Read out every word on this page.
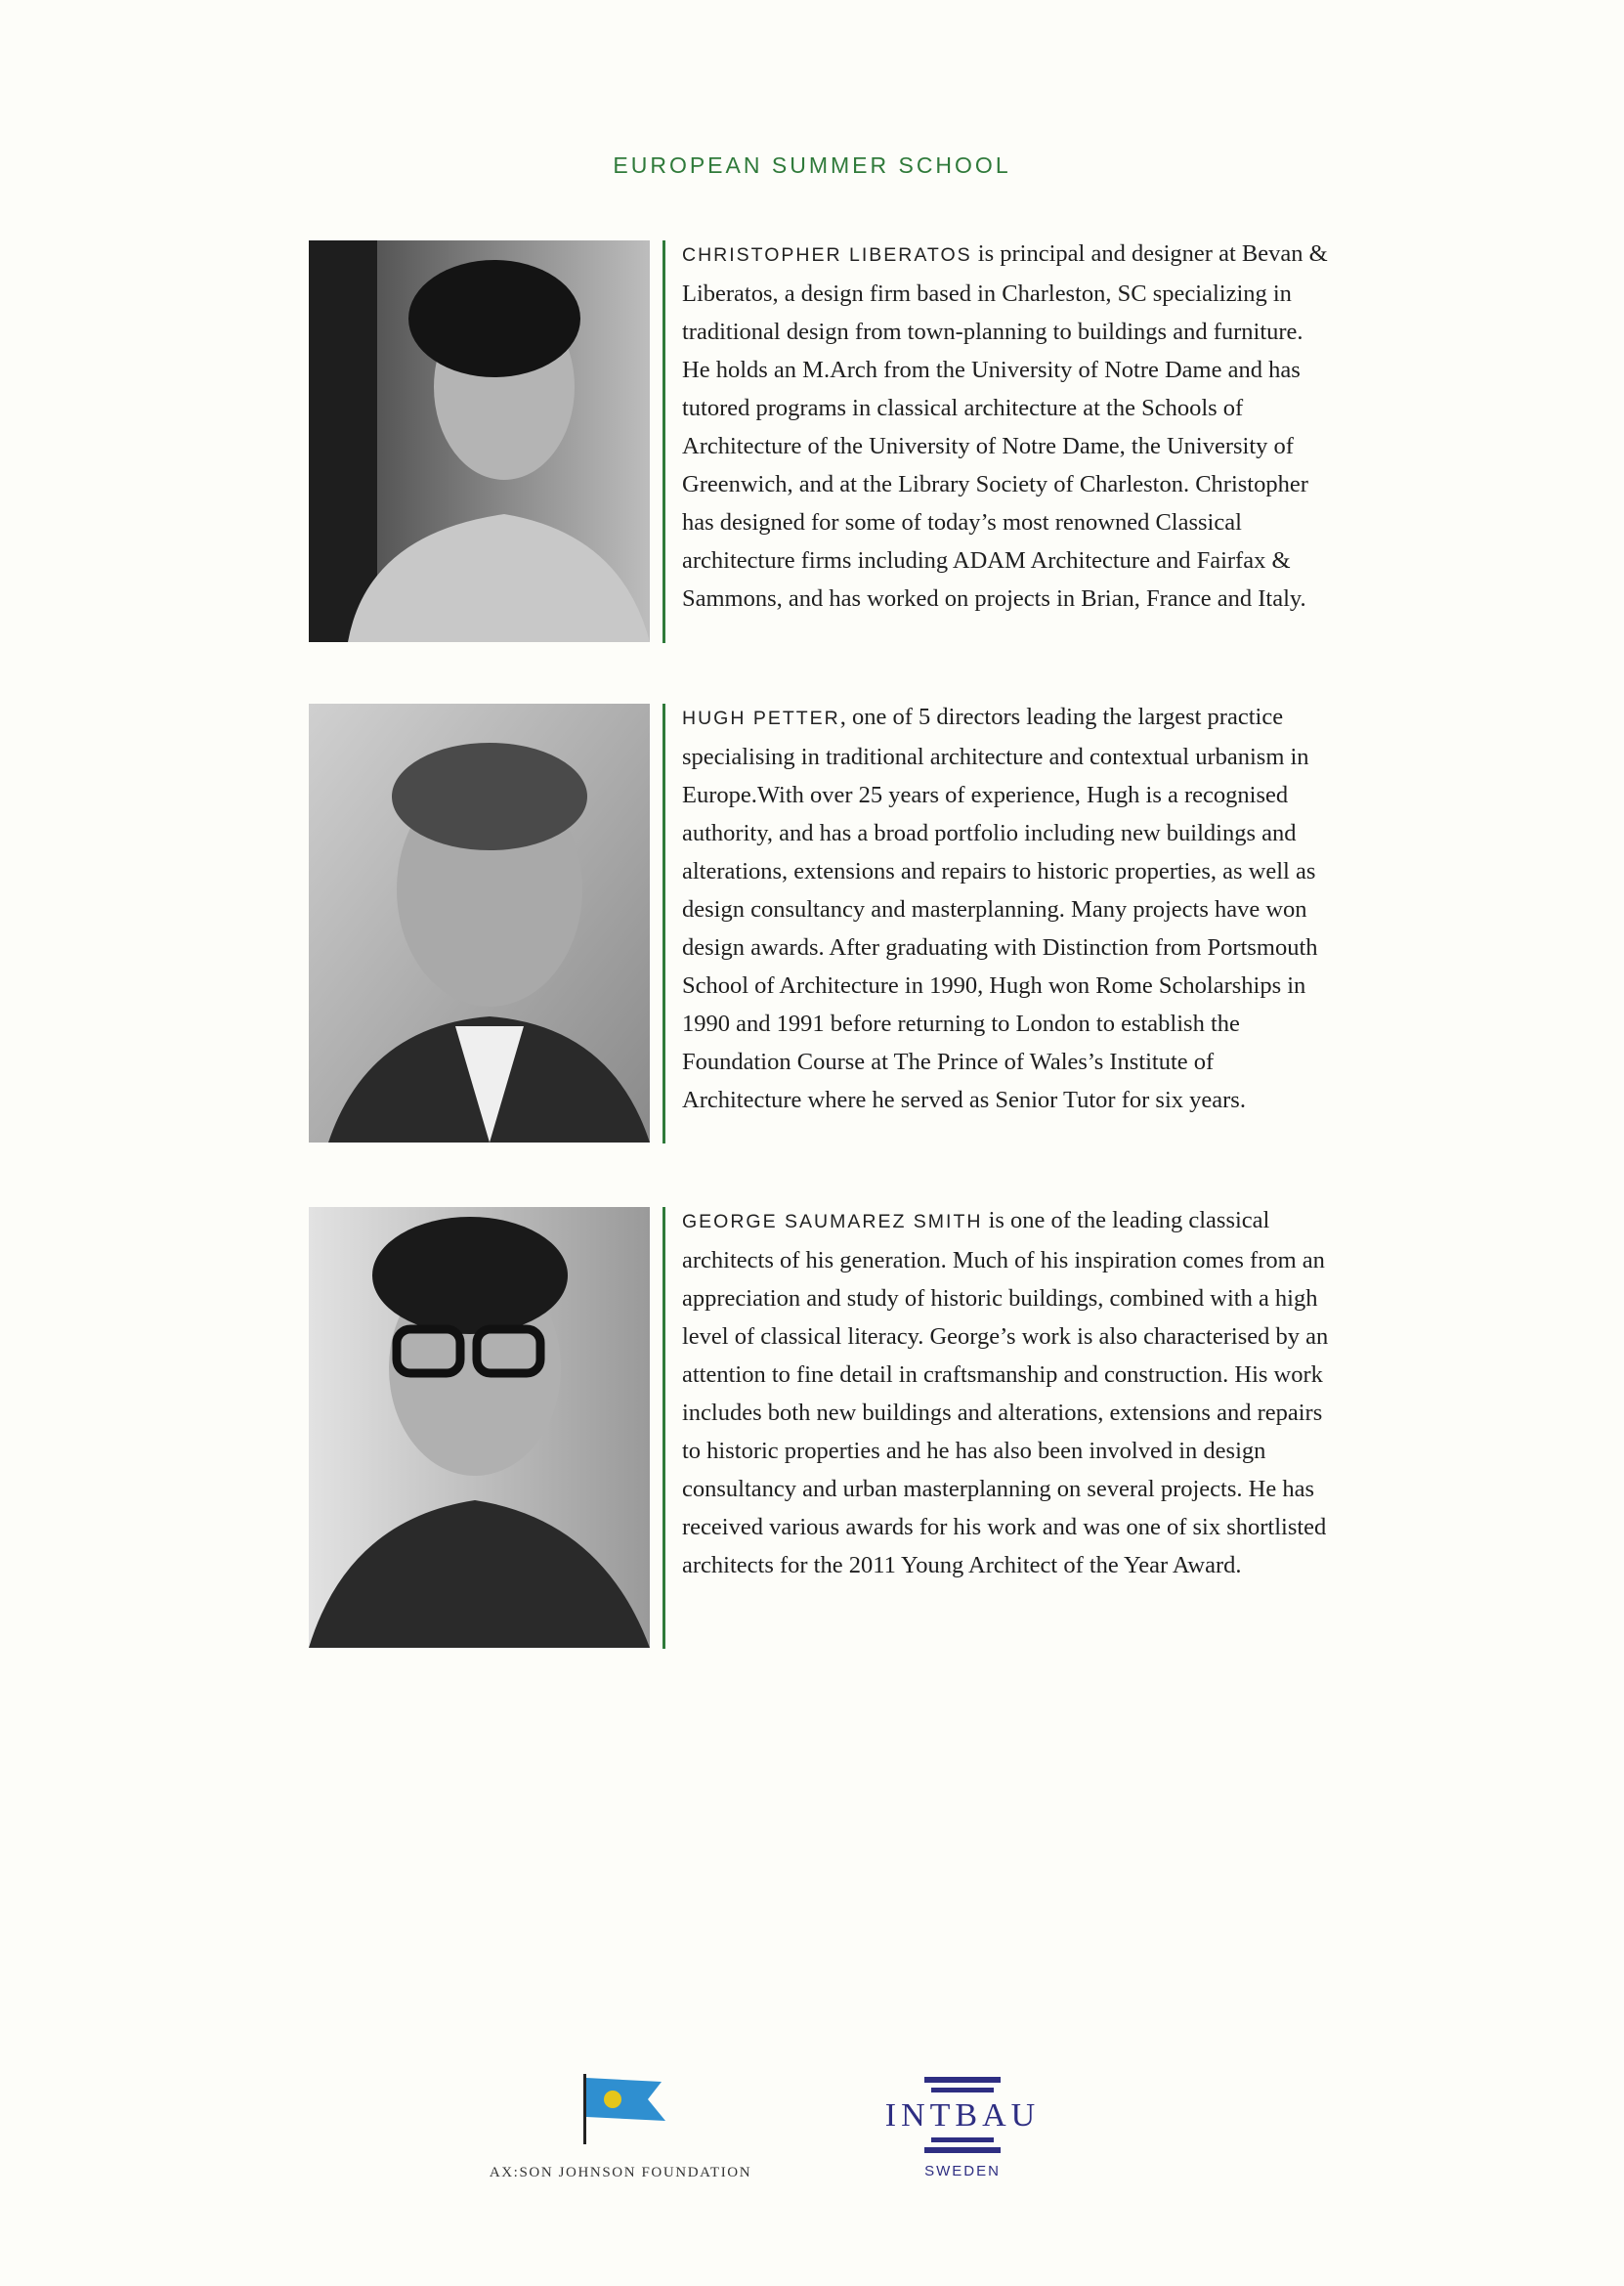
EUROPEAN SUMMER SCHOOL

CHRISTOPHER LIBERATOS is principal and designer at Bevan & Liberatos, a design firm based in Charleston, SC specializing in traditional design from town-planning to buildings and furniture. He holds an M.Arch from the University of Notre Dame and has tutored programs in classical architecture at the Schools of Architecture of the University of Notre Dame, the University of Greenwich, and at the Library Society of Charleston. Christopher has designed for some of today’s most renowned Classical architecture firms including ADAM Architecture and Fairfax & Sammons, and has worked on projects in Brian, France and Italy.

HUGH PETTER, one of 5 directors leading the largest practice specialising in traditional architecture and contextual urbanism in Europe.With over 25 years of experience, Hugh is a recognised authority, and has a broad portfolio including new buildings and alterations, extensions and repairs to historic properties, as well as design consultancy and masterplanning. Many projects have won design awards. After graduating with Distinction from Portsmouth School of Architecture in 1990, Hugh won Rome Scholarships in 1990 and 1991 before returning to London to establish the Foundation Course at The Prince of Wales’s Institute of Architecture where he served as Senior Tutor for six years.

GEORGE SAUMAREZ SMITH is one of the leading classical architects of his generation. Much of his inspiration comes from an appreciation and study of historic buildings, combined with a high level of classical literacy. George’s work is also characterised by an attention to fine detail in craftsmanship and construction. His work includes both new buildings and alterations, extensions and repairs to historic properties and he has also been involved in design consultancy and urban masterplanning on several projects. He has received various awards for his work and was one of six shortlisted architects for the 2011 Young Architect of the Year Award.

AX:SON JOHNSON FOUNDATION
INTBAU
SWEDEN
